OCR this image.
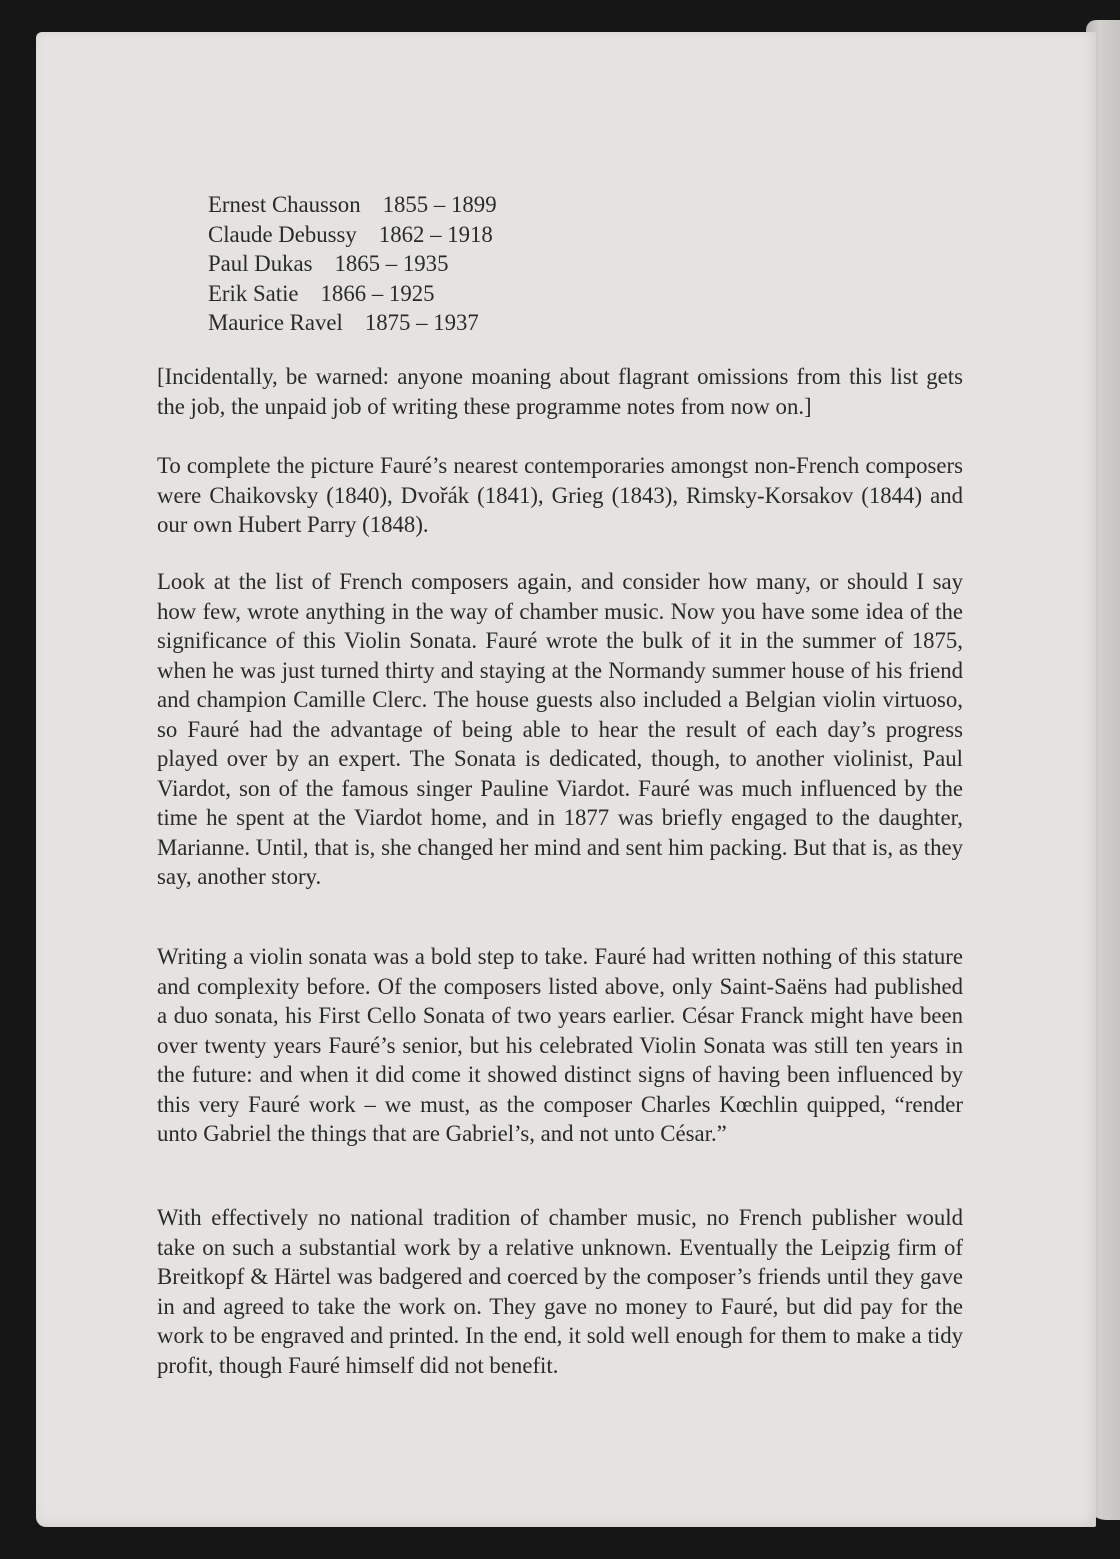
Ernest Chausson 1855 – 1899
Claude Debussy 1862 – 1918
Paul Dukas 1865 – 1935
Erik Satie 1866 – 1925
Maurice Ravel 1875 – 1937

[Incidentally, be warned: anyone moaning about flagrant omissions from this list gets the job, the unpaid job of writing these programme notes from now on.]

To complete the picture Fauré’s nearest contemporaries amongst non-French composers were Chaikovsky (1840), Dvořák (1841), Grieg (1843), Rimsky-Korsakov (1844) and our own Hubert Parry (1848).

Look at the list of French composers again, and consider how many, or should I say how few, wrote anything in the way of chamber music. Now you have some idea of the significance of this Violin Sonata. Fauré wrote the bulk of it in the summer of 1875, when he was just turned thirty and staying at the Normandy summer house of his friend and champion Camille Clerc. The house guests also included a Belgian violin virtuoso, so Fauré had the advantage of being able to hear the result of each day’s progress played over by an expert. The Sonata is dedicated, though, to another violinist, Paul Viardot, son of the famous singer Pauline Viardot. Fauré was much influenced by the time he spent at the Viardot home, and in 1877 was briefly engaged to the daughter, Marianne. Until, that is, she changed her mind and sent him packing. But that is, as they say, another story.

Writing a violin sonata was a bold step to take. Fauré had written nothing of this stature and complexity before. Of the composers listed above, only Saint-Saëns had published a duo sonata, his First Cello Sonata of two years earlier. César Franck might have been over twenty years Fauré’s senior, but his celebrated Violin Sonata was still ten years in the future: and when it did come it showed distinct signs of having been influenced by this very Fauré work – we must, as the composer Charles Kœchlin quipped, “render unto Gabriel the things that are Gabriel’s, and not unto César.”

With effectively no national tradition of chamber music, no French publisher would take on such a substantial work by a relative unknown. Eventually the Leipzig firm of Breitkopf & Härtel was badgered and coerced by the composer’s friends until they gave in and agreed to take the work on. They gave no money to Fauré, but did pay for the work to be engraved and printed. In the end, it sold well enough for them to make a tidy profit, though Fauré himself did not benefit.
